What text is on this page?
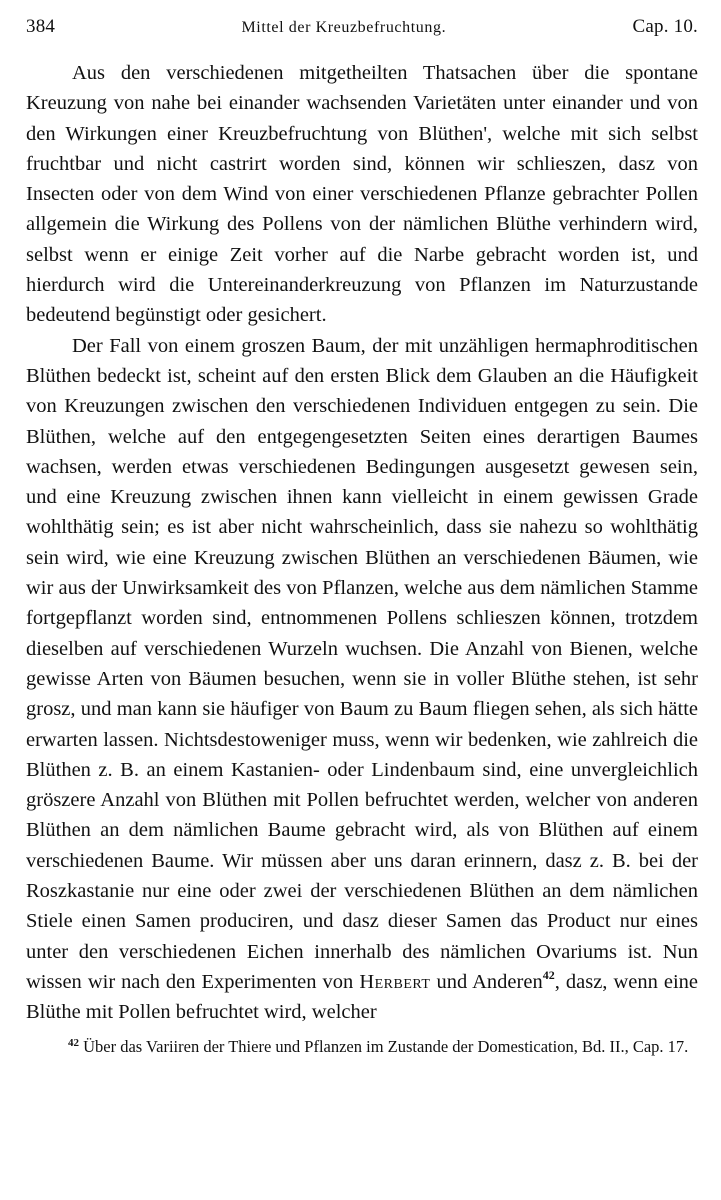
384	Mittel der Kreuzbefruchtung.	Cap. 10.

Aus den verschiedenen mitgetheilten Thatsachen über die spontane Kreuzung von nahe bei einander wachsenden Varietäten unter einander und von den Wirkungen einer Kreuzbefruchtung von Blüthen', welche mit sich selbst fruchtbar und nicht castrirt worden sind, können wir schlieszen, dasz von Insecten oder von dem Wind von einer verschiedenen Pflanze gebrachter Pollen allgemein die Wirkung des Pollens von der nämlichen Blüthe verhindern wird, selbst wenn er einige Zeit vorher auf die Narbe gebracht worden ist, und hierdurch wird die Untereinanderkreuzung von Pflanzen im Naturzustande bedeutend begünstigt oder gesichert.

Der Fall von einem groszen Baum, der mit unzähligen hermaphroditischen Blüthen bedeckt ist, scheint auf den ersten Blick dem Glauben an die Häufigkeit von Kreuzungen zwischen den verschiedenen Individuen entgegen zu sein. Die Blüthen, welche auf den entgegengesetzten Seiten eines derartigen Baumes wachsen, werden etwas verschiedenen Bedingungen ausgesetzt gewesen sein, und eine Kreuzung zwischen ihnen kann vielleicht in einem gewissen Grade wohlthätig sein; es ist aber nicht wahrscheinlich, dass sie nahezu so wohlthätig sein wird, wie eine Kreuzung zwischen Blüthen an verschiedenen Bäumen, wie wir aus der Unwirksamkeit des von Pflanzen, welche aus dem nämlichen Stamme fortgepflanzt worden sind, entnommenen Pollens schlieszen können, trotzdem dieselben auf verschiedenen Wurzeln wuchsen. Die Anzahl von Bienen, welche gewisse Arten von Bäumen besuchen, wenn sie in voller Blüthe stehen, ist sehr grosz, und man kann sie häufiger von Baum zu Baum fliegen sehen, als sich hätte erwarten lassen. Nichtsdestoweniger muss, wenn wir bedenken, wie zahlreich die Blüthen z. B. an einem Kastanien- oder Lindenbaum sind, eine unvergleichlich gröszere Anzahl von Blüthen mit Pollen befruchtet werden, welcher von anderen Blüthen an dem nämlichen Baume gebracht wird, als von Blüthen auf einem verschiedenen Baume. Wir müssen aber uns daran erinnern, dasz z. B. bei der Roszkastanie nur eine oder zwei der verschiedenen Blüthen an dem nämlichen Stiele einen Samen produciren, und dasz dieser Samen das Product nur eines unter den verschiedenen Eichen innerhalb des nämlichen Ovariums ist. Nun wissen wir nach den Experimenten von Herbert und Anderen$^{42}$, dasz, wenn eine Blüthe mit Pollen befruchtet wird, welcher

$^{42}$ Über das Variiren der Thiere und Pflanzen im Zustande der Domestication, Bd. II., Cap. 17.
